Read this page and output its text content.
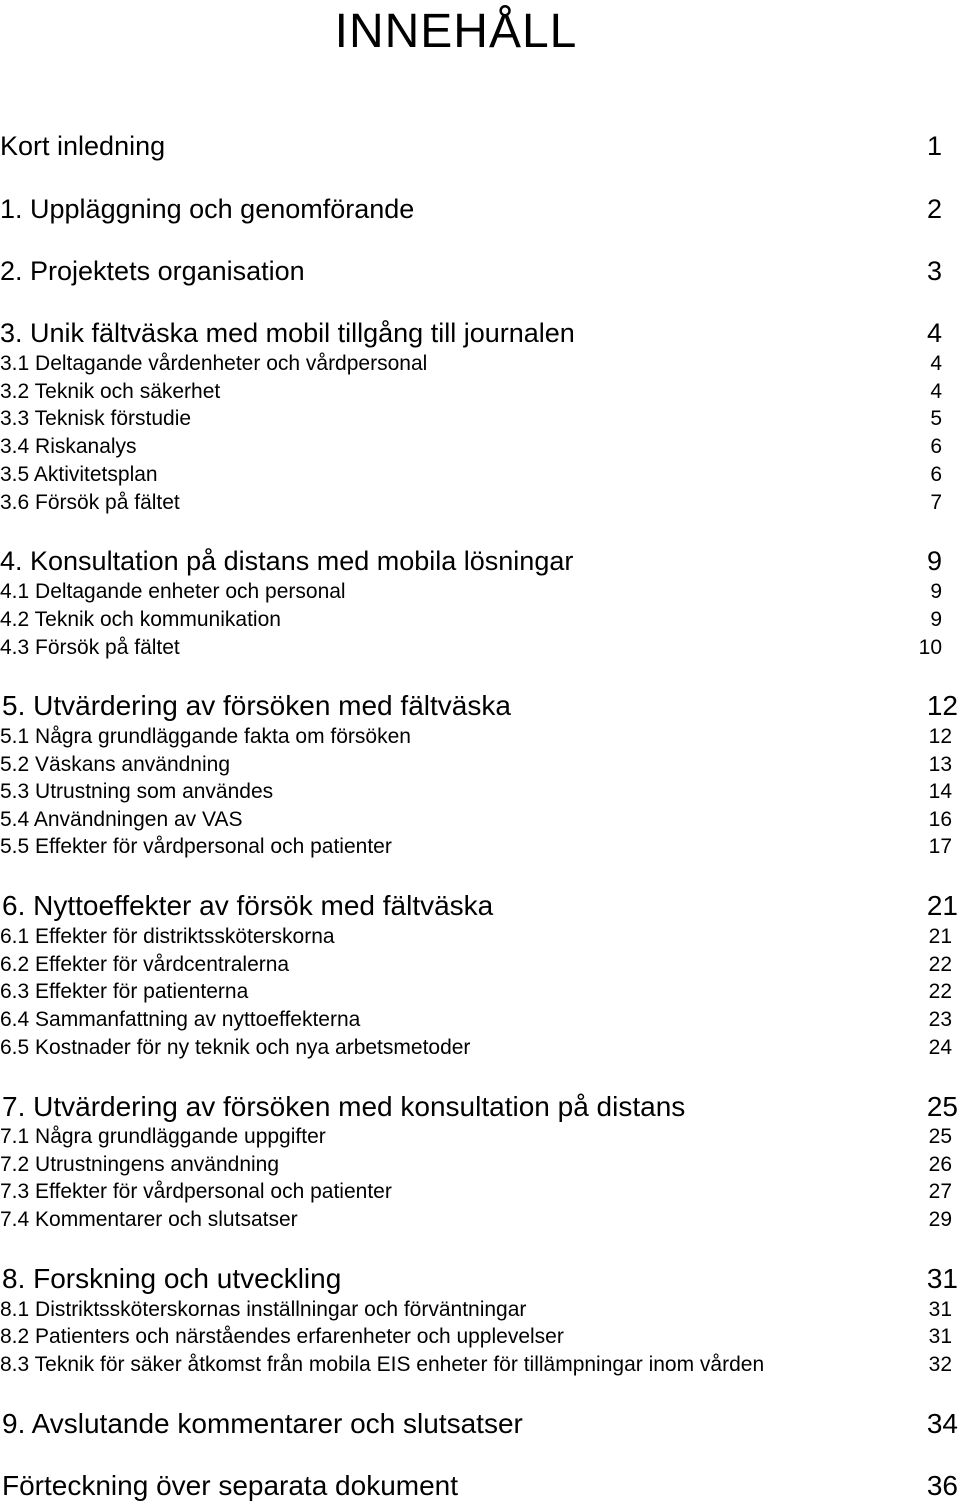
INNEHÅLL
Kort inledning	1
1. Uppläggning och genomförande	2
2. Projektets organisation	3
3. Unik fältväska med mobil tillgång till journalen	4
3.1 Deltagande vårdenheter och vårdpersonal	4
3.2 Teknik och säkerhet	4
3.3 Teknisk förstudie	5
3.4 Riskanalys	6
3.5 Aktivitetsplan	6
3.6 Försök på fältet	7
4. Konsultation på distans med mobila lösningar	9
4.1 Deltagande enheter och personal	9
4.2 Teknik och kommunikation	9
4.3 Försök på fältet	10
5. Utvärdering av försöken med fältväska	12
5.1 Några grundläggande fakta om försöken	12
5.2 Väskans användning	13
5.3 Utrustning som användes	14
5.4 Användningen av VAS	16
5.5 Effekter för vårdpersonal och patienter	17
6. Nyttoeffekter av försök med fältväska	21
6.1 Effekter för distriktssköterskorna	21
6.2 Effekter för vårdcentralerna	22
6.3 Effekter för patienterna	22
6.4 Sammanfattning av nyttoeffekterna	23
6.5 Kostnader för ny teknik och nya arbetsmetoder	24
7. Utvärdering av försöken med konsultation på distans	25
7.1 Några grundläggande uppgifter	25
7.2 Utrustningens användning	26
7.3 Effekter för vårdpersonal och patienter	27
7.4 Kommentarer och slutsatser	29
8. Forskning och utveckling	31
8.1 Distriktssköterskornas inställningar och förväntningar	31
8.2 Patienters och närståendes erfarenheter och upplevelser	31
8.3 Teknik för säker åtkomst från mobila EIS enheter för tillämpningar inom vården	32
9. Avslutande kommentarer och slutsatser	34
Förteckning över separata dokument	36
